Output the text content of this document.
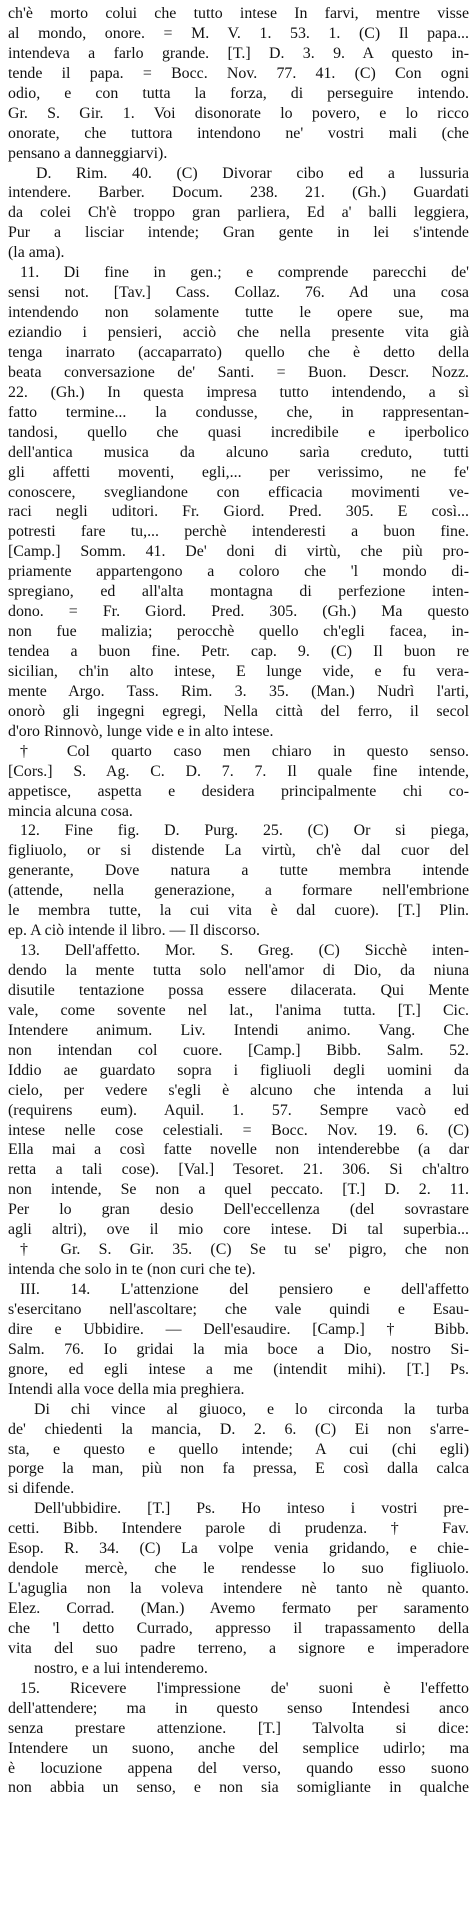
ch'è morto colui che tutto intese In farvi, mentre visse
al mondo, onore. = M. V. 1. 53. 1. (C) Il papa...
intendeva a farlo grande. [T.] D. 3. 9. A questo in-
tende il papa. = Bocc. Nov. 77. 41. (C) Con ogni
odio, e con tutta la forza, di perseguire intendo.
Gr. S. Gir. 1. Voi disonorate lo povero, e lo ricco
onorate, che tuttora intendono ne' vostri mali (che
pensano a danneggiarvi).
D. Rim. 40. (C) Divorar cibo ed a lussuria
intendere. Barber. Docum. 238. 21. (Gh.) Guardati
da colei Ch'è troppo gran parliera, Ed a' balli leggiera,
Pur a lisciar intende; Gran gente in lei s'intende
(la ama).
11. Di fine in gen.; e comprende parecchi de'
sensi not. [Tav.] Cass. Collaz. 76. Ad una cosa
intendendo non solamente tutte le opere sue, ma
eziandio i pensieri, acciò che nella presente vita già
tenga inarrato (accaparrato) quello che è detto della
beata conversazione de' Santi. = Buon. Descr. Nozz.
22. (Gh.) In questa impresa tutto intendendo, a sì
fatto termine... la condusse, che, in rappresentan-
tandosi, quello che quasi incredibile e iperbolico
dell'antica musica da alcuno sarìa creduto, tutti
gli affetti moventi, egli,... per verissimo, ne fe'
conoscere, svegliandone con efficacia movimenti ve-
raci negli uditori. Fr. Giord. Pred. 305. E così...
potresti fare tu,... perchè intenderesti a buon fine.
[Camp.] Somm. 41. De' doni di virtù, che più pro-
priamente appartengono a coloro che 'l mondo di-
spregiano, ed all'alta montagna di perfezione inten-
dono. = Fr. Giord. Pred. 305. (Gh.) Ma questo
non fue malizia; perocchè quello ch'egli facea, in-
tendea a buon fine. Petr. cap. 9. (C) Il buon re
sicilian, ch'in alto intese, E lunge vide, e fu vera-
mente Argo. Tass. Rim. 3. 35. (Man.) Nudrì l'arti,
onorò gli ingegni egregi, Nella città del ferro, il secol
d'oro Rinnovò, lunge vide e in alto intese.
† Col quarto caso men chiaro in questo senso.
[Cors.] S. Ag. C. D. 7. 7. Il quale fine intende,
appetisce, aspetta e desidera principalmente chi co-
mincia alcuna cosa.
12. Fine fig. D. Purg. 25. (C) Or si piega,
figliuolo, or si distende La virtù, ch'è dal cuor del
generante, Dove natura a tutte membra intende
(attende, nella generazione, a formare nell'embrione
le membra tutte, la cui vita è dal cuore). [T.] Plin.
ep. A ciò intende il libro. — Il discorso.
13. Dell'affetto. Mor. S. Greg. (C) Sicchè inten-
dendo la mente tutta solo nell'amor di Dio, da niuna
disutile tentazione possa essere dilacerata. Qui Mente
vale, come sovente nel lat., l'anima tutta. [T.] Cic.
Intendere animum. Liv. Intendi animo. Vang. Che
non intendan col cuore. [Camp.] Bibb. Salm. 52.
Iddio ae guardato sopra i figliuoli degli uomini da
cielo, per vedere s'egli è alcuno che intenda a lui
(requirens eum). Aquil. 1. 57. Sempre vacò ed
intese nelle cose celestiali. = Bocc. Nov. 19. 6. (C)
Ella mai a così fatte novelle non intenderebbe (a dar
retta a tali cose). [Val.] Tesoret. 21. 306. Si ch'altro
non intende, Se non a quel peccato. [T.] D. 2. 11.
Per lo gran desio Dell'eccellenza (del sovrastare
agli altri), ove il mio core intese. Di tal superbia...
† Gr. S. Gir. 35. (C) Se tu se' pigro, che non
intenda che solo in te (non curi che te).
III. 14. L'attenzione del pensiero e dell'affetto
s'esercitano nell'ascoltare; che vale quindi e Esau-
dire e Ubbidire. — Dell'esaudire. [Camp.] † Bibb.
Salm. 76. Io gridai la mia boce a Dio, nostro Si-
gnore, ed egli intese a me (intendit mihi). [T.] Ps.
Intendi alla voce della mia preghiera.
Di chi vince al giuoco, e lo circonda la turba
de' chiedenti la mancia, D. 2. 6. (C) Ei non s'arre-
sta, e questo e quello intende; A cui (chi egli)
porge la man, più non fa pressa, E così dalla calca
si difende.
Dell'ubbidire. [T.] Ps. Ho inteso i vostri pre-
cetti. Bibb. Intendere parole di prudenza. † Fav.
Esop. R. 34. (C) La volpe venia gridando, e chie-
dendole mercè, che le rendesse lo suo figliuolo.
L'aguglia non la voleva intendere nè tanto nè quanto.
Elez. Corrad. (Man.) Avemo fermato per saramento
che 'l detto Currado, appresso il trapassamento della
vita del suo padre terreno, a signore e imperadore
nostro, e a lui intenderemo.
15. Ricevere l'impressione de' suoni è l'effetto
dell'attendere; ma in questo senso Intendesi anco
senza prestare attenzione. [T.] Talvolta si dice:
Intendere un suono, anche del semplice udirlo; ma
è locuzione appena del verso, quando esso suono
non abbia un senso, e non sia somigliante in qualche
